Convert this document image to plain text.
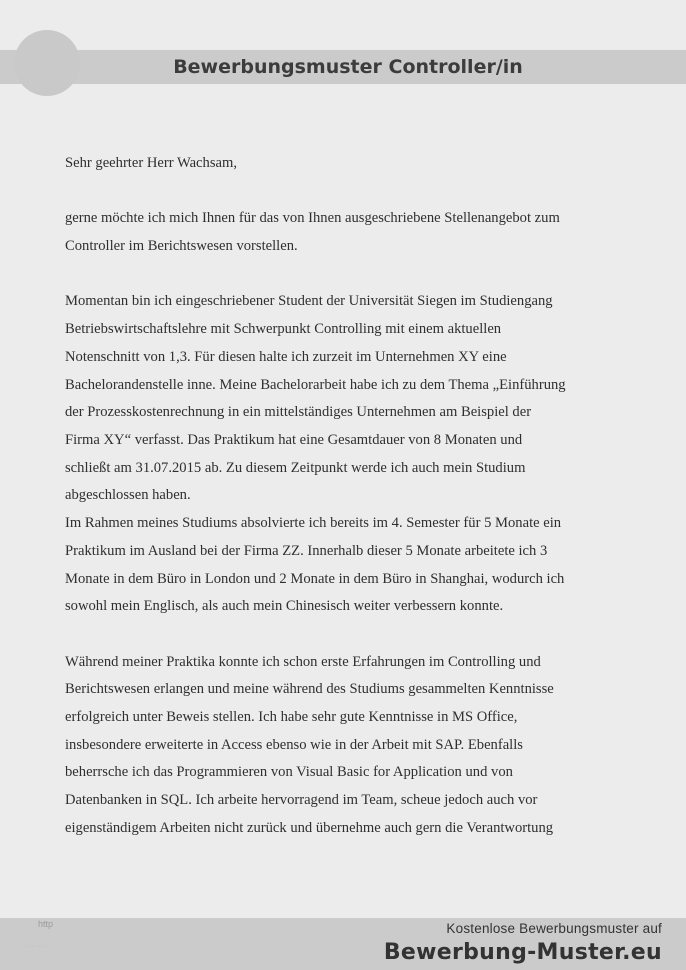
Bewerbungsmuster Controller/in

Sehr geehrter Herr Wachsam,

gerne möchte ich mich Ihnen für das von Ihnen ausgeschriebene Stellenangebot zum

Controller im Berichtswesen vorstellen.

Momentan bin ich eingeschriebener Student der Universität Siegen im Studiengang

Betriebswirtschaftslehre mit Schwerpunkt Controlling mit einem aktuellen

Notenschnitt von 1,3. Für diesen halte ich zurzeit im Unternehmen XY eine

Bachelorandenstelle inne. Meine Bachelorarbeit habe ich zu dem Thema „Einführung

der Prozesskostenrechnung in ein mittelständiges Unternehmen am Beispiel der

Firma XY“ verfasst. Das Praktikum hat eine Gesamtdauer von 8 Monaten und

schließt am 31.07.2015 ab. Zu diesem Zeitpunkt werde ich auch mein Studium

abgeschlossen haben.

Im Rahmen meines Studiums absolvierte ich bereits im 4. Semester für 5 Monate ein

Praktikum im Ausland bei der Firma ZZ. Innerhalb dieser 5 Monate arbeitete ich 3

Monate in dem Büro in London und 2 Monate in dem Büro in Shanghai, wodurch ich

sowohl mein Englisch, als auch mein Chinesisch weiter verbessern konnte.

Während meiner Praktika konnte ich schon erste Erfahrungen im Controlling und

Berichtswesen erlangen und meine während des Studiums gesammelten Kenntnisse

erfolgreich unter Beweis stellen. Ich habe sehr gute Kenntnisse in MS Office,

insbesondere erweiterte in Access ebenso wie in der Arbeit mit SAP. Ebenfalls

beherrsche ich das Programmieren von Visual Basic for Application und von

Datenbanken in SQL. Ich arbeite hervorragend im Team, scheue jedoch auch vor

eigenständigem Arbeiten nicht zurück und übernehme auch gern die Verantwortung

http
· · · · · · ·
Kostenlose Bewerbungsmuster auf
Bewerbung-Muster.eu
